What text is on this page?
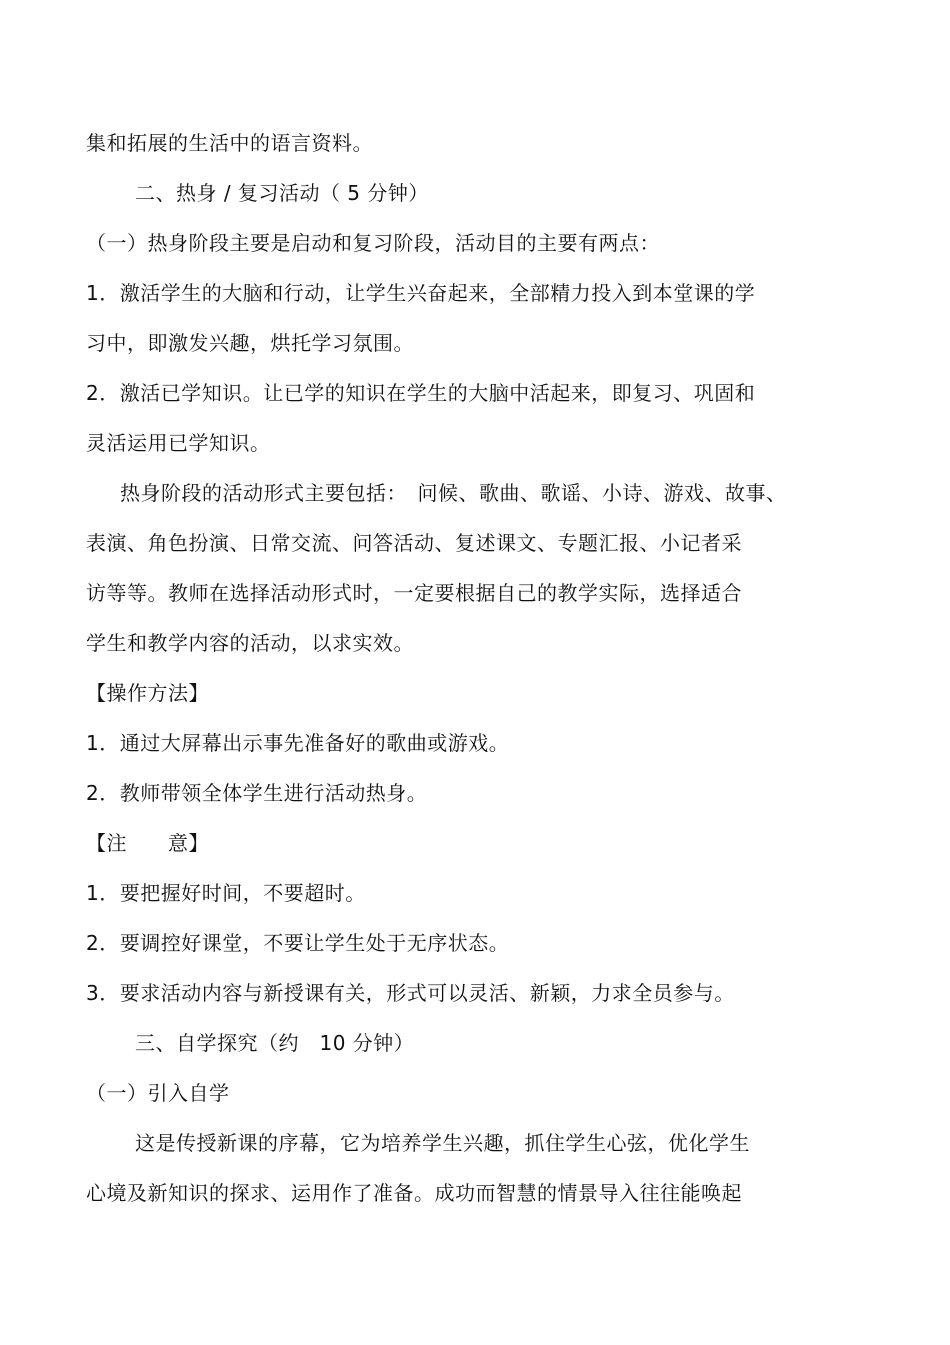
集和拓展的生活中的语言资料。
二、热身 / 复习活动（ 5 分钟）
（一）热身阶段主要是启动和复习阶段，活动目的主要有两点：
1．激活学生的大脑和行动，让学生兴奋起来，全部精力投入到本堂课的学
习中，即激发兴趣，烘托学习氛围。
2．激活已学知识。让已学的知识在学生的大脑中活起来，即复习、巩固和
灵活运用已学知识。
热身阶段的活动形式主要包括：　问候、歌曲、歌谣、小诗、游戏、故事、
表演、角色扮演、日常交流、问答活动、复述课文、专题汇报、小记者采
访等等。教师在选择活动形式时，一定要根据自己的教学实际，选择适合
学生和教学内容的活动，以求实效。
【操作方法】
1．通过大屏幕出示事先准备好的歌曲或游戏。
2．教师带领全体学生进行活动热身。
【注　　意】
1．要把握好时间，不要超时。
2．要调控好课堂，不要让学生处于无序状态。
3．要求活动内容与新授课有关，形式可以灵活、新颖，力求全员参与。
三、自学探究（约　10 分钟）
（一）引入自学
这是传授新课的序幕，它为培养学生兴趣，抓住学生心弦，优化学生
心境及新知识的探求、运用作了准备。成功而智慧的情景导入往往能唤起
